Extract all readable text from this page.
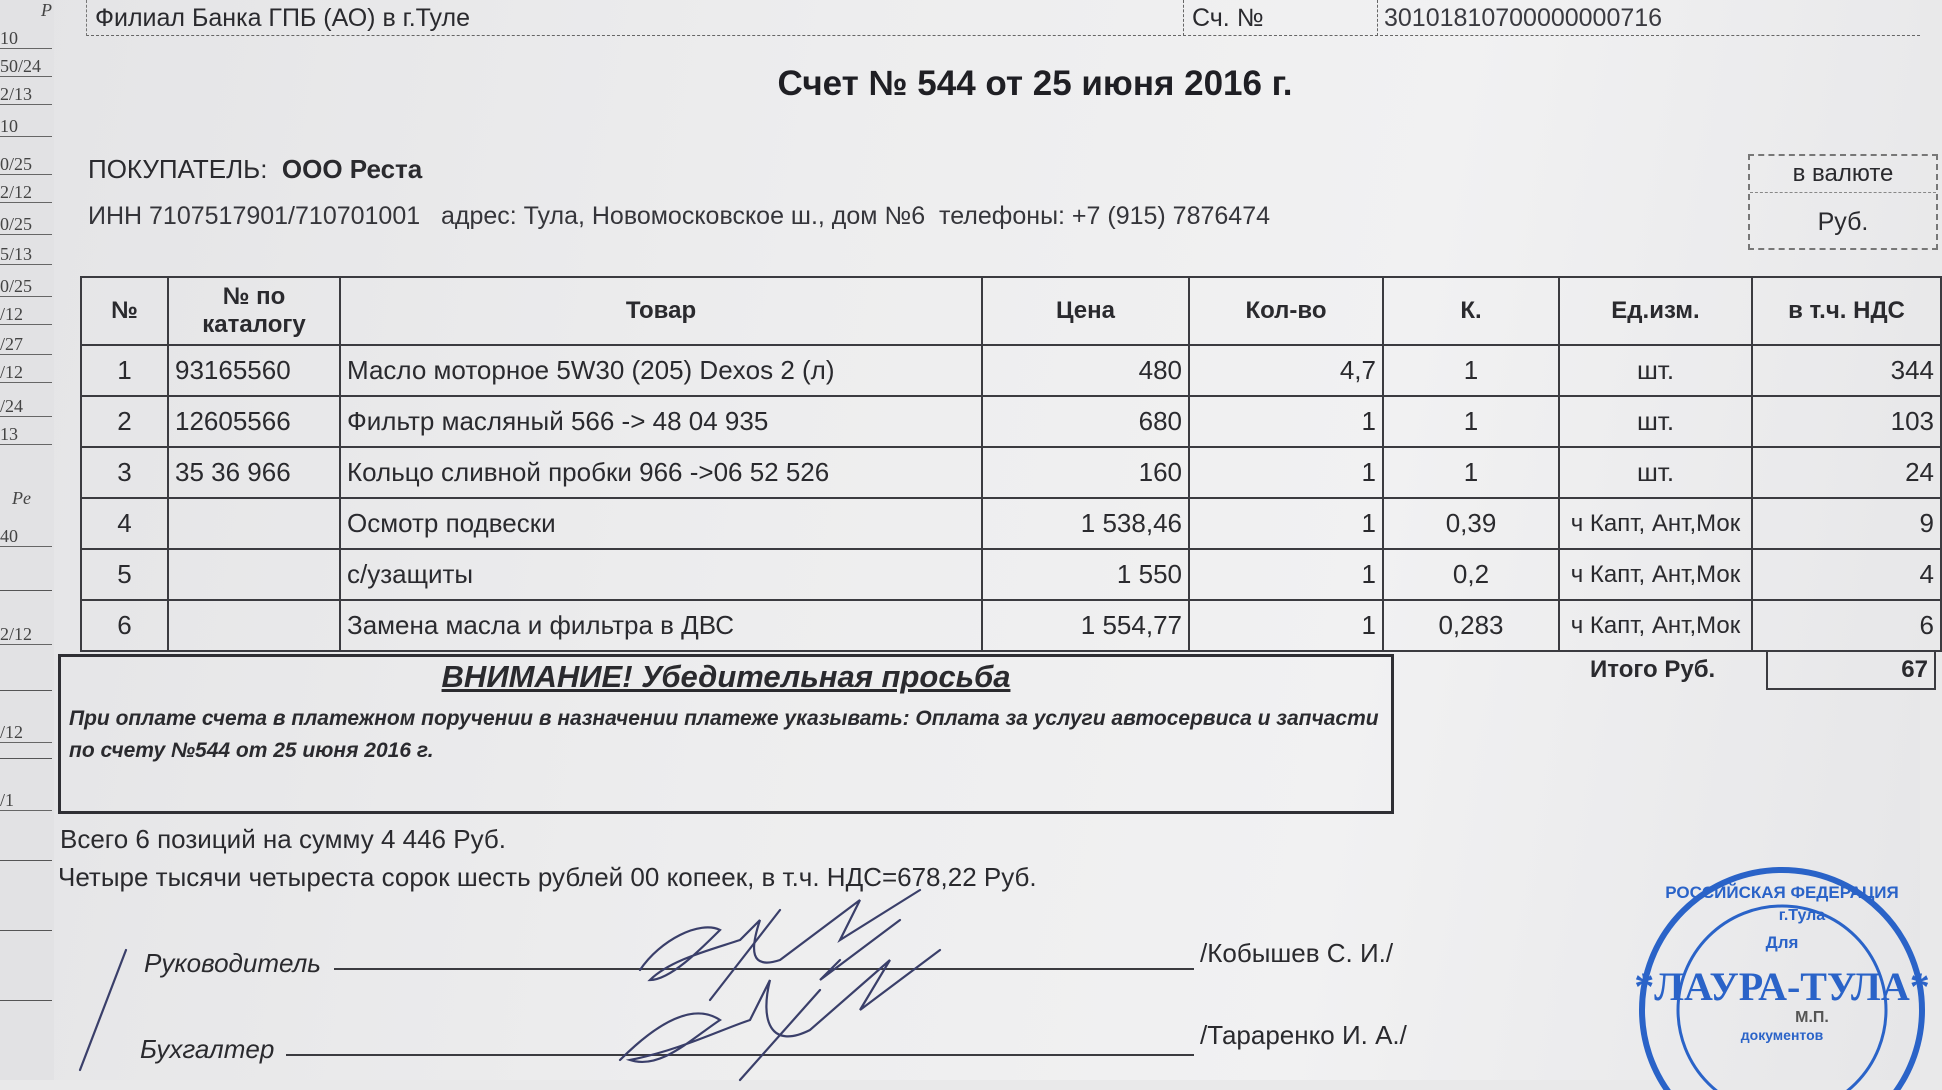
P
10
50/24
2/13
10
0/25
2/12
0/25
5/13
0/25
/12
/27
/12
/24
13
Pe
40
2/12
/12
/1
Филиал Банка ГПБ (АО) в г.Туле	Сч. №	30101810700000000716
Счет № 544 от 25 июня 2016 г.
ПОКУПАТЕЛЬ: ООО Реста
ИНН 7107517901/710701001   адрес: Тула, Новомосковское ш., дом №6  телефоны: +7 (915) 7876474
в валюте
Руб.
№	№ по каталогу	Товар	Цена	Кол-во	К.	Ед.изм.	в т.ч. НДС
1	93165560	Масло моторное 5W30 (205) Dexos 2 (л)	480	4,7	1	шт.	344
2	12605566	Фильтр масляный 566 -> 48 04 935	680	1	1	шт.	103
3	35 36 966	Кольцо сливной пробки 966 ->06 52 526	160	1	1	шт.	24
4		Осмотр подвески	1 538,46	1	0,39	ч Капт, Ант,Мок	9
5		с/узащиты	1 550	1	0,2	ч Капт, Ант,Мок	4
6		Замена масла и фильтра в ДВС	1 554,77	1	0,283	ч Капт, Ант,Мок	6
ВНИМАНИЕ! Убедительная просьба
При оплате счета в платежном поручении в назначении платеже указывать: Оплата за услуги автосервиса и запчасти по счету №544 от 25 июня 2016 г.
Итого Руб.	67
Всего 6 позиций на сумму 4 446 Руб.
Четыре тысячи четыреста сорок шесть рублей 00 копеек, в т.ч. НДС=678,22 Руб.
Руководитель	/Кобышев С. И./
Бухгалтер	/Тараренко И. А./
РОССИЙСКАЯ ФЕДЕРАЦИЯ
г.Тула
Для
*ЛАУРА-ТУЛА*
М.П.
документов
